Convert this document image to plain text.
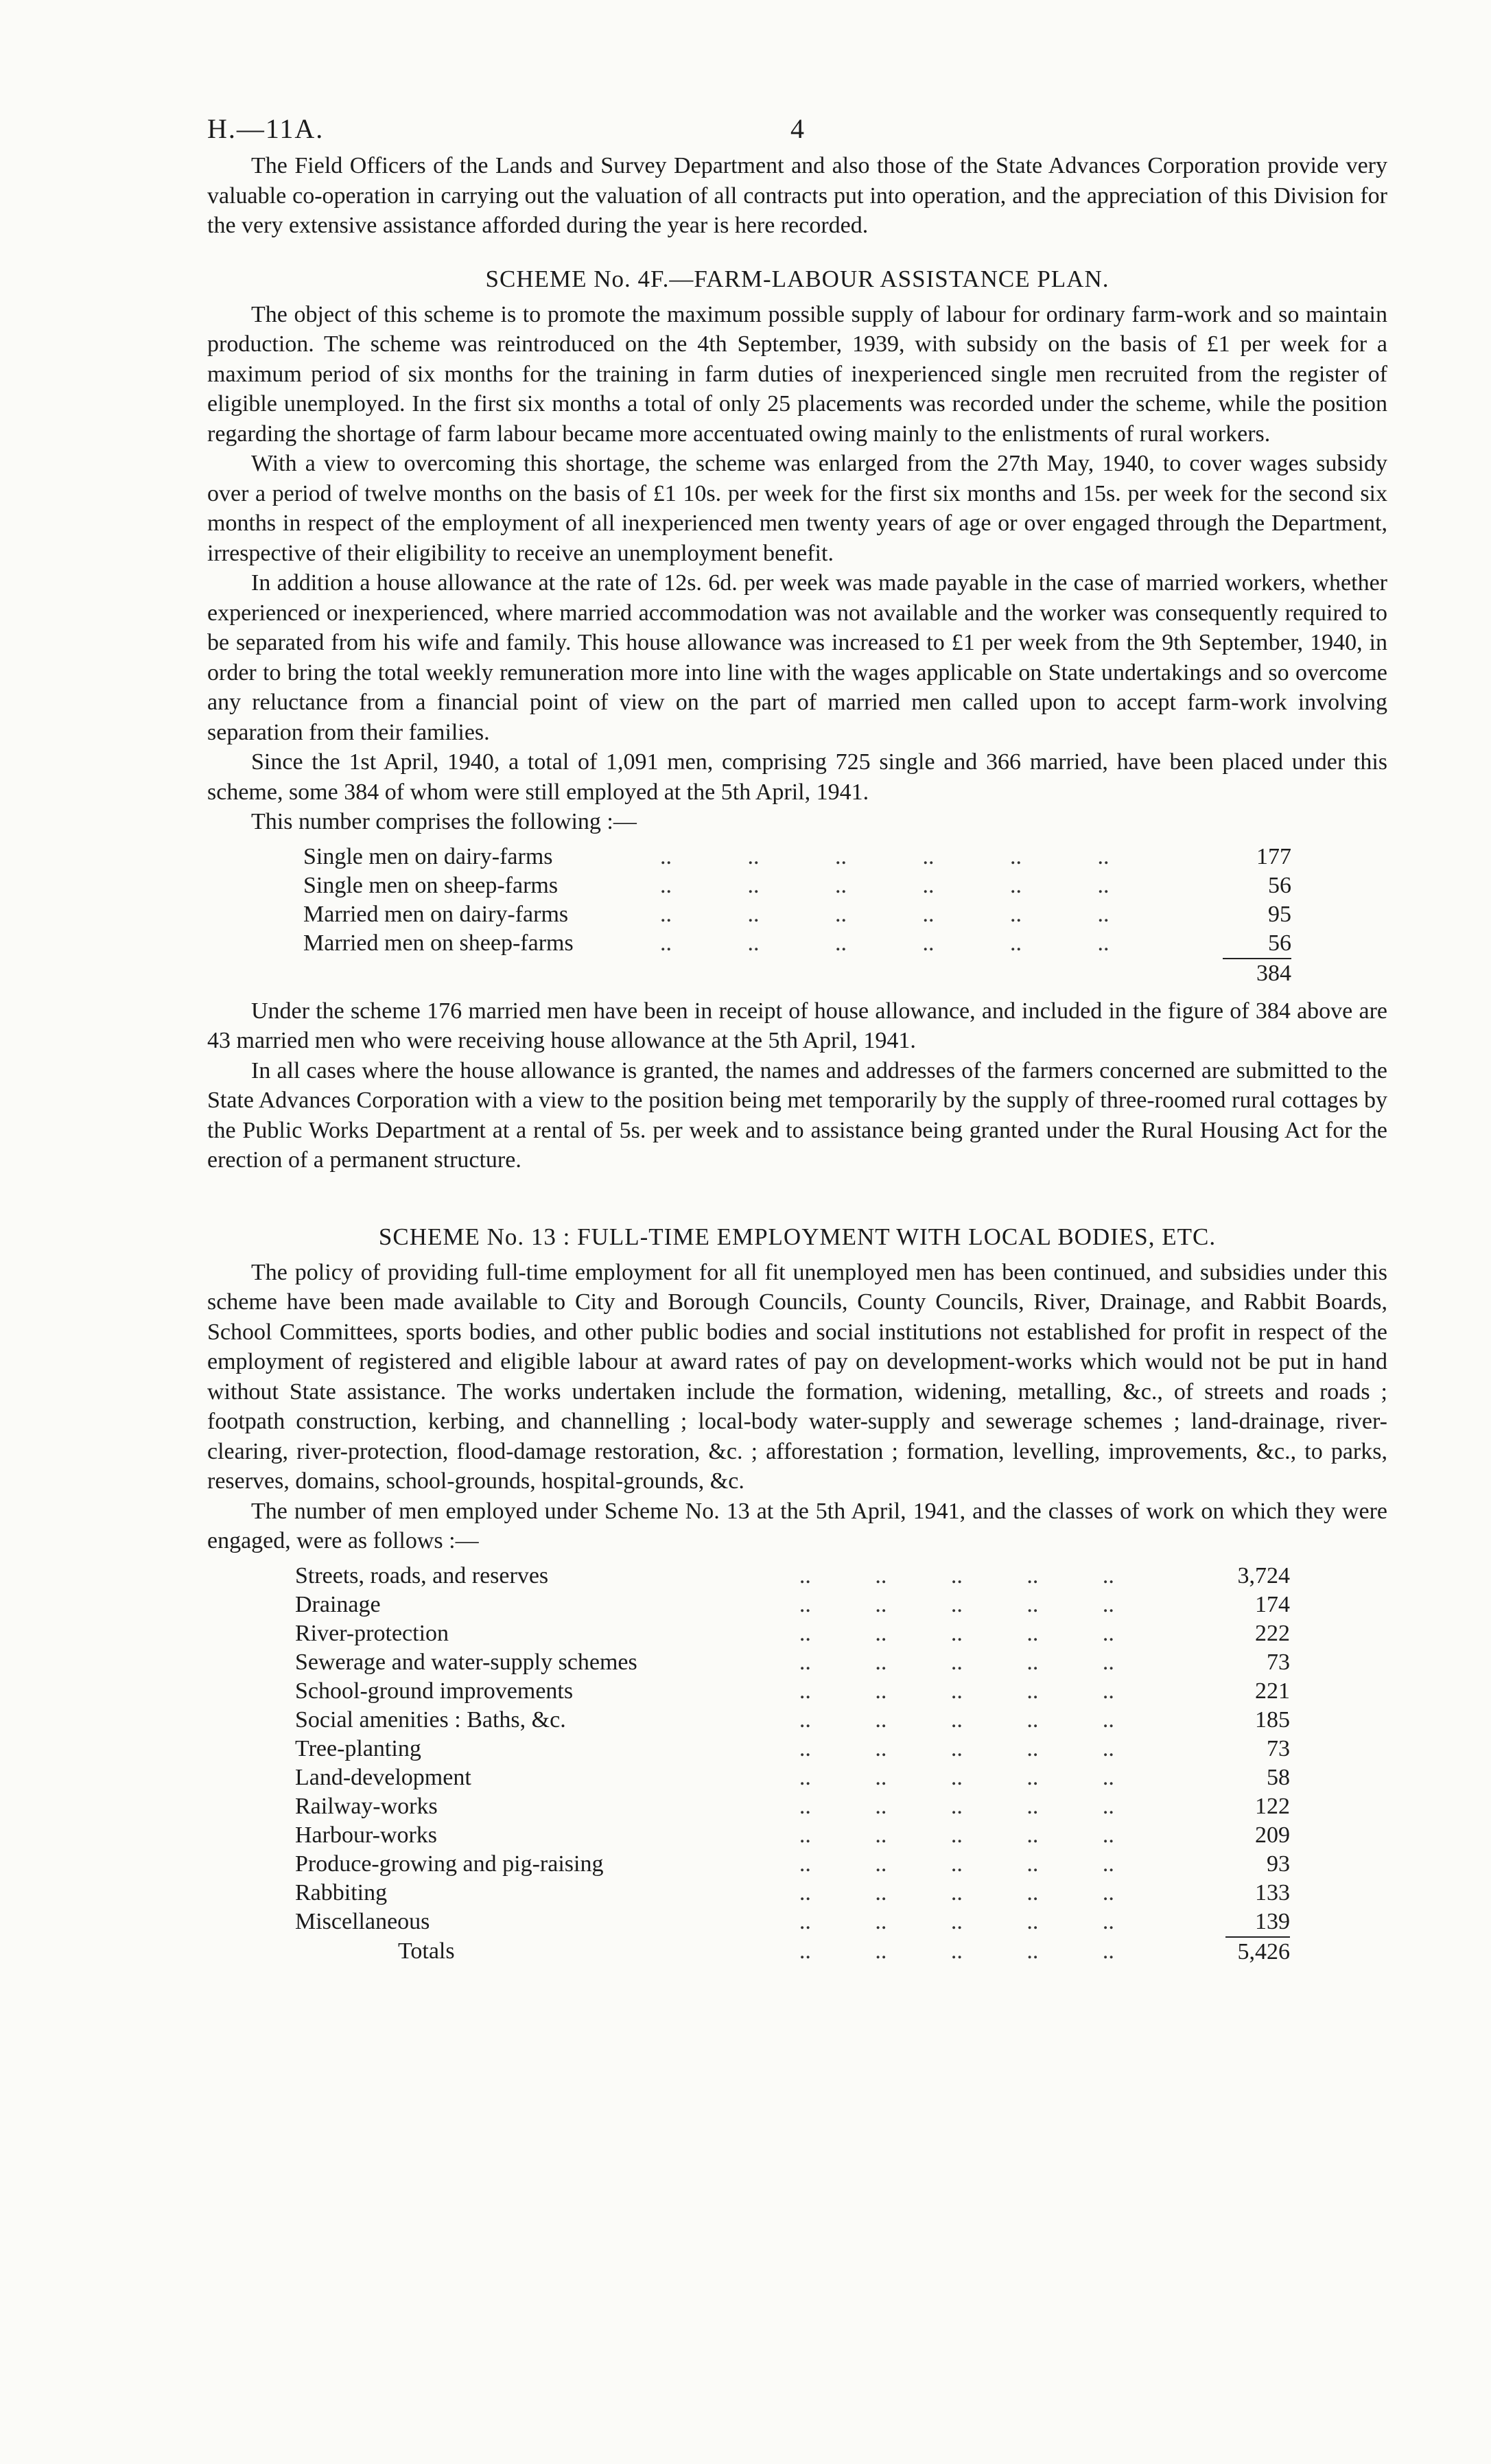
H.—11A.	4

The Field Officers of the Lands and Survey Department and also those of the State Advances Corporation provide very valuable co-operation in carrying out the valuation of all contracts put into operation, and the appreciation of this Division for the very extensive assistance afforded during the year is here recorded.

SCHEME No. 4F.—FARM-LABOUR ASSISTANCE PLAN.

The object of this scheme is to promote the maximum possible supply of labour for ordinary farm-work and so maintain production. The scheme was reintroduced on the 4th September, 1939, with subsidy on the basis of £1 per week for a maximum period of six months for the training in farm duties of inexperienced single men recruited from the register of eligible unemployed. In the first six months a total of only 25 placements was recorded under the scheme, while the position regarding the shortage of farm labour became more accentuated owing mainly to the enlistments of rural workers.

With a view to overcoming this shortage, the scheme was enlarged from the 27th May, 1940, to cover wages subsidy over a period of twelve months on the basis of £1 10s. per week for the first six months and 15s. per week for the second six months in respect of the employment of all inexperienced men twenty years of age or over engaged through the Department, irrespective of their eligibility to receive an unemployment benefit.

In addition a house allowance at the rate of 12s. 6d. per week was made payable in the case of married workers, whether experienced or inexperienced, where married accommodation was not available and the worker was consequently required to be separated from his wife and family. This house allowance was increased to £1 per week from the 9th September, 1940, in order to bring the total weekly remuneration more into line with the wages applicable on State undertakings and so overcome any reluctance from a financial point of view on the part of married men called upon to accept farm-work involving separation from their families.

Since the 1st April, 1940, a total of 1,091 men, comprising 725 single and 366 married, have been placed under this scheme, some 384 of whom were still employed at the 5th April, 1941.

This number comprises the following :—

Single men on dairy-farms	..             ..             ..             ..             ..             ..	177
Single men on sheep-farms	..             ..             ..             ..             ..             ..	56
Married men on dairy-farms	..             ..             ..             ..             ..             ..	95
Married men on sheep-farms	..             ..             ..             ..             ..             ..	56
		384

Under the scheme 176 married men have been in receipt of house allowance, and included in the figure of 384 above are 43 married men who were receiving house allowance at the 5th April, 1941.

In all cases where the house allowance is granted, the names and addresses of the farmers concerned are submitted to the State Advances Corporation with a view to the position being met temporarily by the supply of three-roomed rural cottages by the Public Works Department at a rental of 5s. per week and to assistance being granted under the Rural Housing Act for the erection of a permanent structure.

SCHEME No. 13 : FULL-TIME EMPLOYMENT WITH LOCAL BODIES, ETC.

The policy of providing full-time employment for all fit unemployed men has been continued, and subsidies under this scheme have been made available to City and Borough Councils, County Councils, River, Drainage, and Rabbit Boards, School Committees, sports bodies, and other public bodies and social institutions not established for profit in respect of the employment of registered and eligible labour at award rates of pay on development-works which would not be put in hand without State assistance. The works undertaken include the formation, widening, metalling, &c., of streets and roads ; footpath construction, kerbing, and channelling ; local-body water-supply and sewerage schemes ; land-drainage, river-clearing, river-protection, flood-damage restoration, &c. ; afforestation ; formation, levelling, improvements, &c., to parks, reserves, domains, school-grounds, hospital-grounds, &c.

The number of men employed under Scheme No. 13 at the 5th April, 1941, and the classes of work on which they were engaged, were as follows :—

Streets, roads, and reserves	..           ..           ..           ..           ..	3,724
Drainage	..           ..           ..           ..           ..	174
River-protection	..           ..           ..           ..           ..	222
Sewerage and water-supply schemes	..           ..           ..           ..           ..	73
School-ground improvements	..           ..           ..           ..           ..	221
Social amenities : Baths, &c.	..           ..           ..           ..           ..	185
Tree-planting	..           ..           ..           ..           ..	73
Land-development	..           ..           ..           ..           ..	58
Railway-works	..           ..           ..           ..           ..	122
Harbour-works	..           ..           ..           ..           ..	209
Produce-growing and pig-raising	..           ..           ..           ..           ..	93
Rabbiting	..           ..           ..           ..           ..	133
Miscellaneous	..           ..           ..           ..           ..	139
Totals	..           ..           ..           ..           ..	5,426
